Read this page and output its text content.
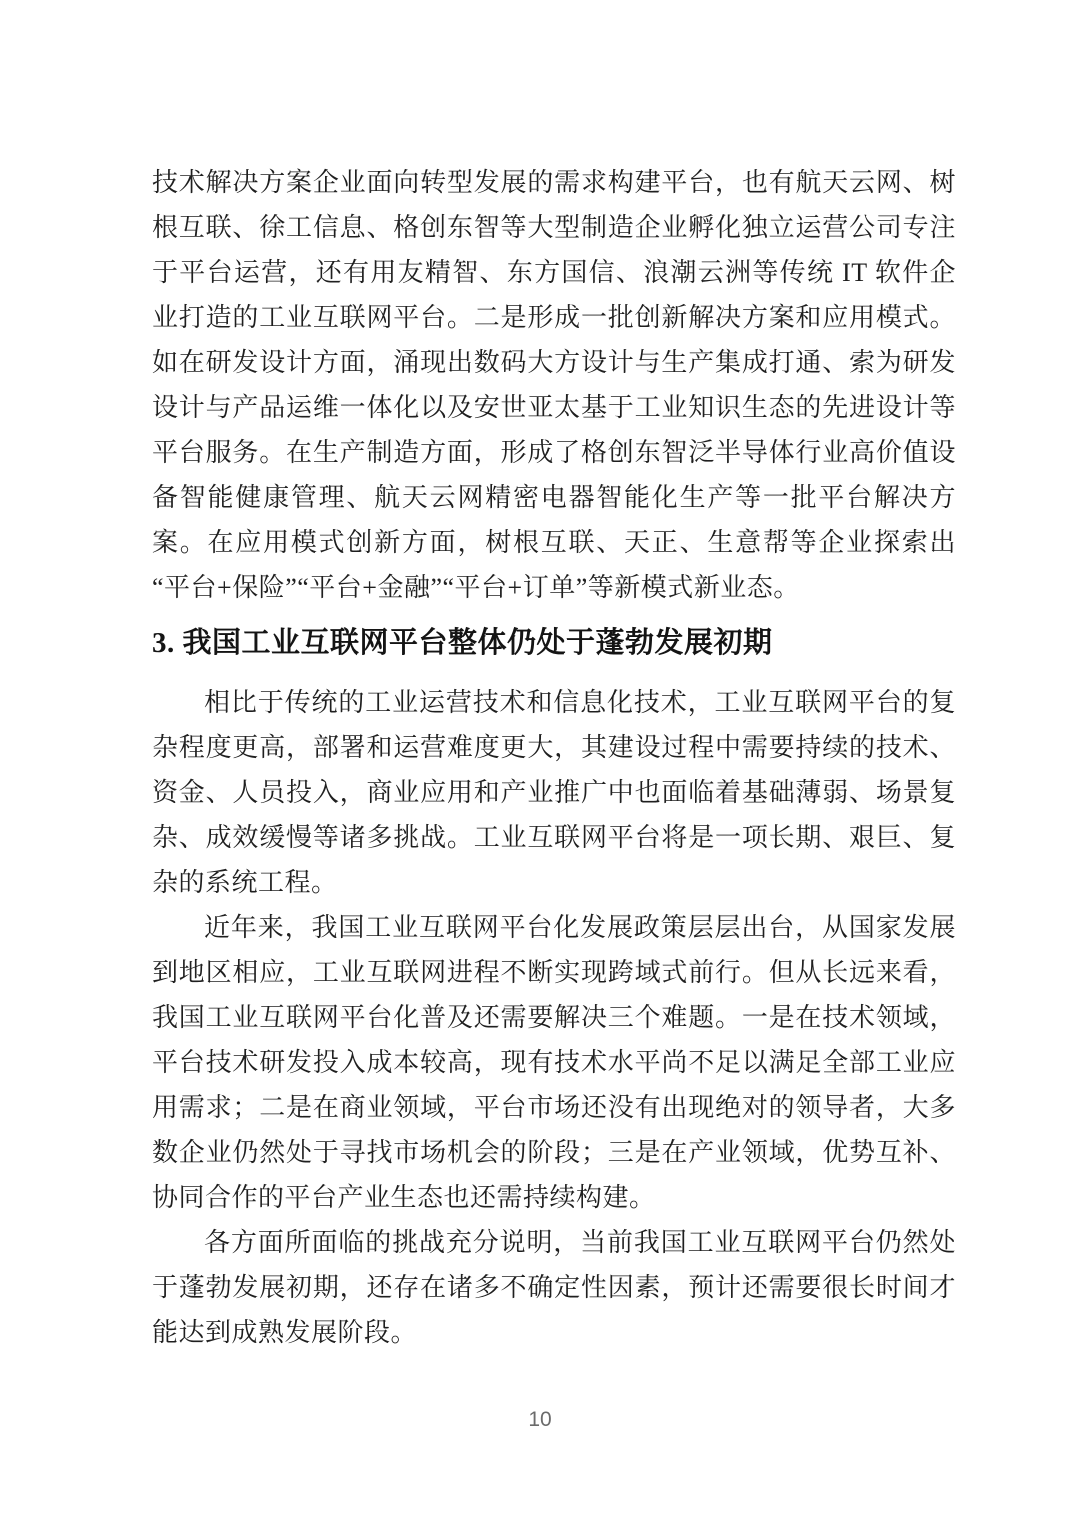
技术解决方案企业面向转型发展的需求构建平台，也有航天云网、树根互联、徐工信息、格创东智等大型制造企业孵化独立运营公司专注于平台运营，还有用友精智、东方国信、浪潮云洲等传统 IT 软件企业打造的工业互联网平台。二是形成一批创新解决方案和应用模式。如在研发设计方面，涌现出数码大方设计与生产集成打通、索为研发设计与产品运维一体化以及安世亚太基于工业知识生态的先进设计等平台服务。在生产制造方面，形成了格创东智泛半导体行业高价值设备智能健康管理、航天云网精密电器智能化生产等一批平台解决方案。在应用模式创新方面，树根互联、天正、生意帮等企业探索出“平台+保险”“平台+金融”“平台+订单”等新模式新业态。

3. 我国工业互联网平台整体仍处于蓬勃发展初期

相比于传统的工业运营技术和信息化技术，工业互联网平台的复杂程度更高，部署和运营难度更大，其建设过程中需要持续的技术、资金、人员投入，商业应用和产业推广中也面临着基础薄弱、场景复杂、成效缓慢等诸多挑战。工业互联网平台将是一项长期、艰巨、复杂的系统工程。

近年来，我国工业互联网平台化发展政策层层出台，从国家发展到地区相应，工业互联网进程不断实现跨域式前行。但从长远来看，我国工业互联网平台化普及还需要解决三个难题。一是在技术领域，平台技术研发投入成本较高，现有技术水平尚不足以满足全部工业应用需求；二是在商业领域，平台市场还没有出现绝对的领导者，大多数企业仍然处于寻找市场机会的阶段；三是在产业领域，优势互补、协同合作的平台产业生态也还需持续构建。

各方面所面临的挑战充分说明，当前我国工业互联网平台仍然处于蓬勃发展初期，还存在诸多不确定性因素，预计还需要很长时间才能达到成熟发展阶段。

10
